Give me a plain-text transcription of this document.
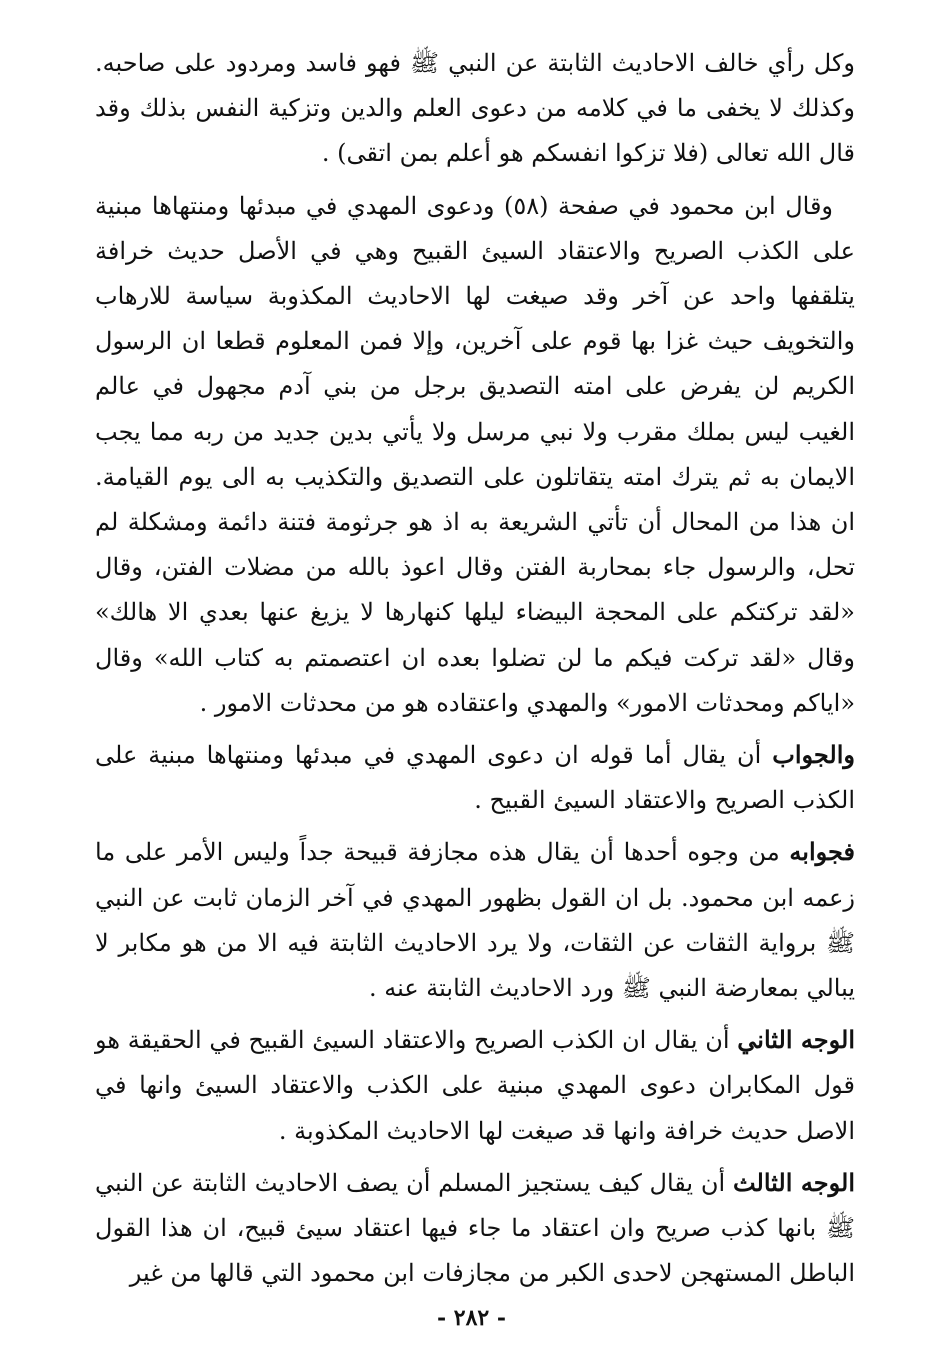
وكل رأي خالف الاحاديث الثابتة عن النبي ﷺ فهو فاسد ومردود على صاحبه. وكذلك لا يخفى ما في كلامه من دعوى العلم والدين وتزكية النفس بذلك وقد قال الله تعالى (فلا تزكوا انفسكم هو أعلم بمن اتقى) .

وقال ابن محمود في صفحة (٥٨) ودعوى المهدي في مبدئها ومنتهاها مبنية على الكذب الصريح والاعتقاد السيئ القبيح وهي في الأصل حديث خرافة يتلقفها واحد عن آخر وقد صيغت لها الاحاديث المكذوبة سياسة للارهاب والتخويف حيث غزا بها قوم على آخرين، وإلا فمن المعلوم قطعا ان الرسول الكريم لن يفرض على امته التصديق برجل من بني آدم مجهول في عالم الغيب ليس بملك مقرب ولا نبي مرسل ولا يأتي بدين جديد من ربه مما يجب الايمان به ثم يترك امته يتقاتلون على التصديق والتكذيب به الى يوم القيامة. ان هذا من المحال أن تأتي الشريعة به اذ هو جرثومة فتنة دائمة ومشكلة لم تحل، والرسول جاء بمحاربة الفتن وقال اعوذ بالله من مضلات الفتن، وقال «لقد تركتكم على المحجة البيضاء ليلها كنهارها لا يزيغ عنها بعدي الا هالك» وقال «لقد تركت فيكم ما لن تضلوا بعده ان اعتصمتم به كتاب الله» وقال «اياكم ومحدثات الامور» والمهدي واعتقاده هو من محدثات الامور .

والجواب أن يقال أما قوله ان دعوى المهدي في مبدئها ومنتهاها مبنية على الكذب الصريح والاعتقاد السيئ القبيح .

فجوابه من وجوه أحدها أن يقال هذه مجازفة قبيحة جداً وليس الأمر على ما زعمه ابن محمود. بل ان القول بظهور المهدي في آخر الزمان ثابت عن النبي ﷺ برواية الثقات عن الثقات، ولا يرد الاحاديث الثابتة فيه الا من هو مكابر لا يبالي بمعارضة النبي ﷺ ورد الاحاديث الثابتة عنه .

الوجه الثاني أن يقال ان الكذب الصريح والاعتقاد السيئ القبيح في الحقيقة هو قول المكابران دعوى المهدي مبنية على الكذب والاعتقاد السيئ وانها في الاصل حديث خرافة وانها قد صيغت لها الاحاديث المكذوبة .

الوجه الثالث أن يقال كيف يستجيز المسلم أن يصف الاحاديث الثابتة عن النبي ﷺ بانها كذب صريح وان اعتقاد ما جاء فيها اعتقاد سيئ قبيح، ان هذا القول الباطل المستهجن لاحدى الكبر من مجازفات ابن محمود التي قالها من غير

- ٢٨٢ -
